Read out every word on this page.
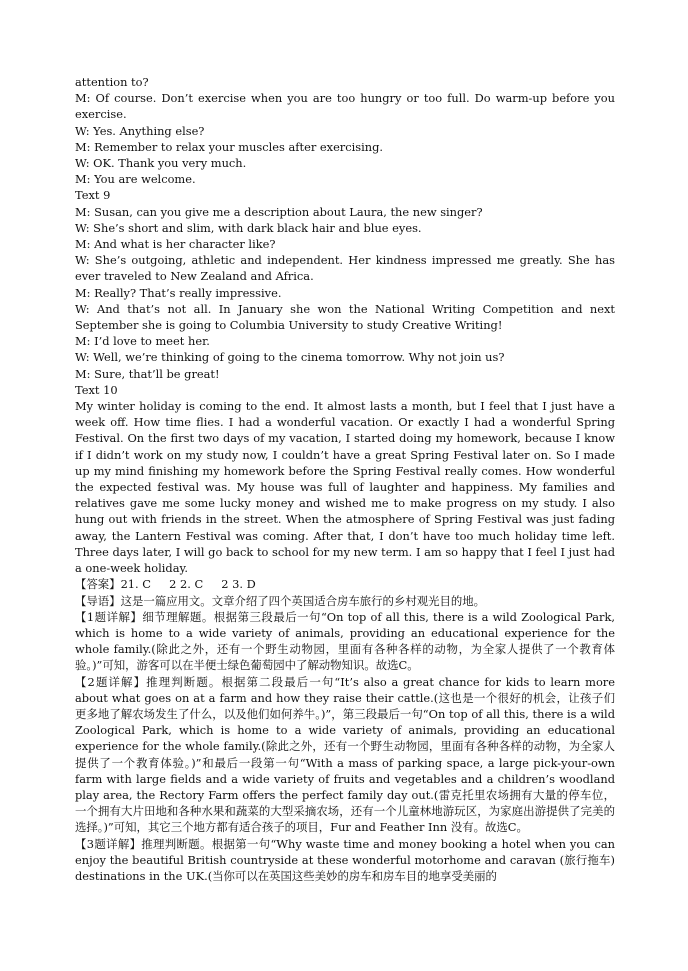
attention to?

M: Of course. Don’t exercise when you are too hungry or too full. Do warm-up before you exercise.

W: Yes. Anything else?

M: Remember to relax your muscles after exercising.

W: OK. Thank you very much.

M: You are welcome.

Text 9

M: Susan, can you give me a description about Laura, the new singer?

W: She’s short and slim, with dark black hair and blue eyes.

M: And what is her character like?

W: She’s outgoing, athletic and independent. Her kindness impressed me greatly. She has ever traveled to New Zealand and Africa.

M: Really? That’s really impressive.

W: And that’s not all. In January she won the National Writing Competition and next September she is going to Columbia University to study Creative Writing!

M: I’d love to meet her.

W: Well, we’re thinking of going to the cinema tomorrow. Why not join us?

M: Sure, that’ll be great!

Text 10

My winter holiday is coming to the end. It almost lasts a month, but I feel that I just have a week off. How time flies. I had a wonderful vacation. Or exactly I had a wonderful Spring Festival. On the first two days of my vacation, I started doing my homework, because I know if I didn’t work on my study now, I couldn’t have a great Spring Festival later on. So I made up my mind finishing my homework before the Spring Festival really comes. How wonderful the expected festival was. My house was full of laughter and happiness. My families and relatives gave me some lucky money and wished me to make progress on my study. I also hung out with friends in the street. When the atmosphere of Spring Festival was just fading away, the Lantern Festival was coming. After that, I don’t have too much holiday time left. Three days later, I will go back to school for my new term. I am so happy that I feel I just had a one-week holiday.

【答案】21. C     2 2. C     2 3. D

【导语】这是一篇应用文。文章介绍了四个英国适合房车旅行的乡村观光目的地。

【1题详解】细节理解题。根据第三段最后一句“On top of all this, there is a wild Zoological Park, which is home to a wide variety of animals, providing an educational experience for the whole family.(除此之外，还有一个野生动物园，里面有各种各样的动物，为全家人提供了一个教育体验。)”可知，游客可以在半便士绿色葡萄园中了解动物知识。故选C。

【2题详解】推理判断题。根据第二段最后一句“It’s also a great chance for kids to learn more about what goes on at a farm and how they raise their cattle.(这也是一个很好的机会，让孩子们更多地了解农场发生了什么，以及他们如何养牛。)”，第三段最后一句“On top of all this, there is a wild Zoological Park, which is home to a wide variety of animals, providing an educational experience for the whole family.(除此之外，还有一个野生动物园，里面有各种各样的动物，为全家人提供了一个教育体验。)”和最后一段第一句“With a mass of parking space, a large pick-your-own farm with large fields and a wide variety of fruits and vegetables and a children’s woodland play area, the Rectory Farm offers the perfect family day out.(雷克托里农场拥有大量的停车位，一个拥有大片田地和各种水果和蔬菜的大型采摘农场，还有一个儿童林地游玩区，为家庭出游提供了完美的选择。)”可知，其它三个地方都有适合孩子的项目，Fur and Feather Inn 没有。故选C。

【3题详解】推理判断题。根据第一句“Why waste time and money booking a hotel when you can enjoy the beautiful British countryside at these wonderful motorhome and caravan (旅行拖车) destinations in the UK.(当你可以在英国这些美妙的房车和房车目的地享受美丽的
